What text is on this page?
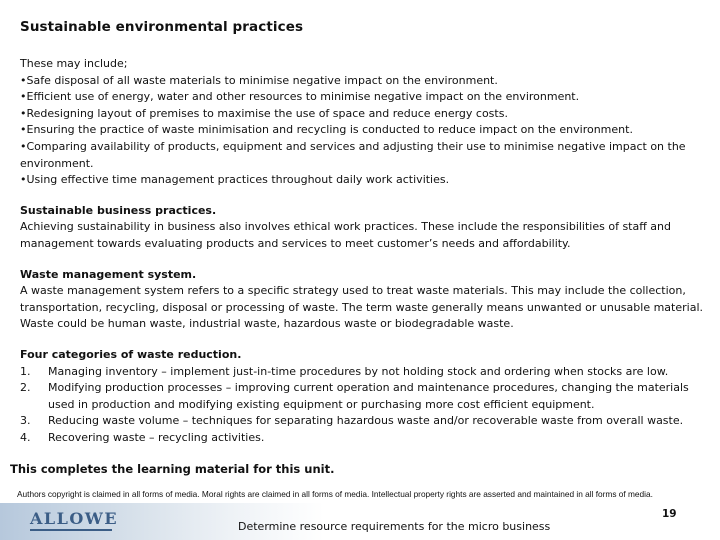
Sustainable environmental practices
These may include;
• Safe disposal of all waste materials to minimise negative impact on the environment.
• Efficient use of energy, water and other resources to minimise negative impact on the environment.
• Redesigning layout of premises to maximise the use of space and reduce energy costs.
• Ensuring the practice of waste minimisation and recycling is conducted to reduce impact on the environment.
• Comparing availability of products, equipment and services and adjusting their use to minimise negative impact on the environment.
• Using effective time management practices throughout daily work activities.
Sustainable business practices.
Achieving sustainability in business also involves ethical work practices. These include the responsibilities of staff and management towards evaluating products and services to meet customer’s needs and affordability.
Waste management system.
A waste management system refers to a specific strategy used to treat waste materials. This may include the collection, transportation, recycling, disposal or processing of waste. The term waste generally means unwanted or unusable material. Waste could be human waste, industrial waste, hazardous waste or biodegradable waste.
Four categories of waste reduction.
1.	Managing inventory – implement just-in-time procedures by not holding stock and ordering when stocks are low.
2.	Modifying production processes – improving current operation and maintenance procedures, changing the materials used in production and modifying existing equipment or purchasing more cost efficient equipment.
3.	Reducing waste volume – techniques for separating hazardous waste and/or recoverable waste from overall waste.
4.	Recovering waste – recycling activities.
This completes the learning material for this unit.
Authors copyright is claimed in all forms of media. Moral rights are claimed in all forms of media. Intellectual property rights are asserted and maintained in all forms of media.
ALLOWE	Determine resource requirements for the micro business
19
